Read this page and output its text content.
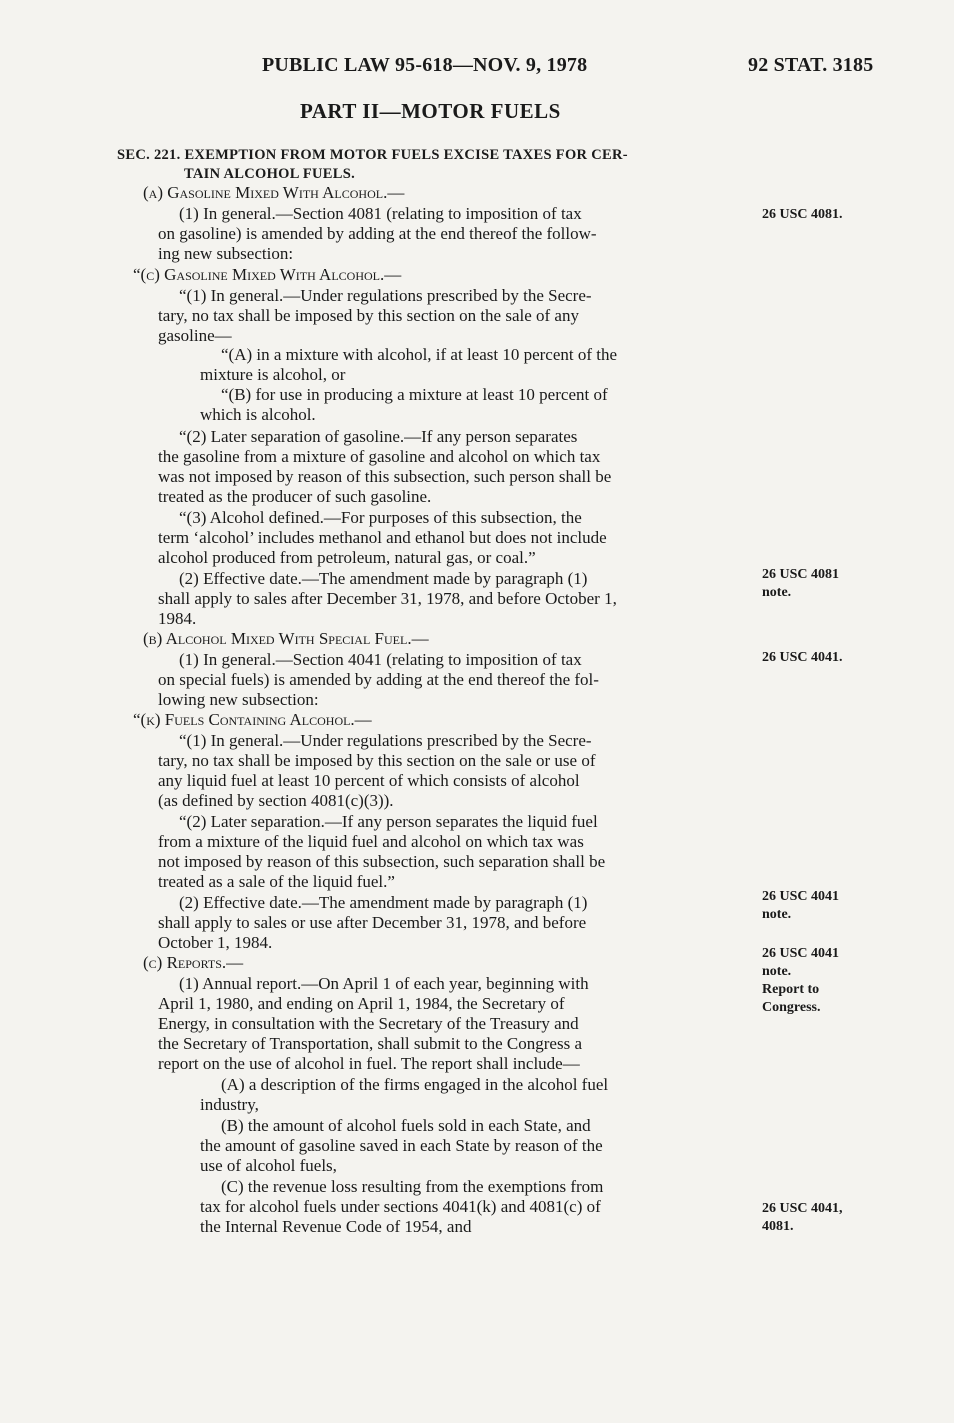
PUBLIC LAW 95-618—NOV. 9, 1978	92 STAT. 3185
PART II—MOTOR FUELS
SEC. 221. EXEMPTION FROM MOTOR FUELS EXCISE TAXES FOR CER-
TAIN ALCOHOL FUELS.
(a) Gasoline Mixed With Alcohol.—
(1) In general.—Section 4081 (relating to imposition of tax
on gasoline) is amended by adding at the end thereof the follow-
ing new subsection:
“(c) Gasoline Mixed With Alcohol.—
“(1) In general.—Under regulations prescribed by the Secre-
tary, no tax shall be imposed by this section on the sale of any
gasoline—
“(A) in a mixture with alcohol, if at least 10 percent of the
mixture is alcohol, or
“(B) for use in producing a mixture at least 10 percent of
which is alcohol.
“(2) Later separation of gasoline.—If any person separates
the gasoline from a mixture of gasoline and alcohol on which tax
was not imposed by reason of this subsection, such person shall be
treated as the producer of such gasoline.
“(3) Alcohol defined.—For purposes of this subsection, the
term ‘alcohol’ includes methanol and ethanol but does not include
alcohol produced from petroleum, natural gas, or coal.”
(2) Effective date.—The amendment made by paragraph (1)
shall apply to sales after December 31, 1978, and before October 1,
1984.
(b) Alcohol Mixed With Special Fuel.—
(1) In general.—Section 4041 (relating to imposition of tax
on special fuels) is amended by adding at the end thereof the fol-
lowing new subsection:
“(k) Fuels Containing Alcohol.—
“(1) In general.—Under regulations prescribed by the Secre-
tary, no tax shall be imposed by this section on the sale or use of
any liquid fuel at least 10 percent of which consists of alcohol
(as defined by section 4081(c)(3)).
“(2) Later separation.—If any person separates the liquid fuel
from a mixture of the liquid fuel and alcohol on which tax was
not imposed by reason of this subsection, such separation shall be
treated as a sale of the liquid fuel.”
(2) Effective date.—The amendment made by paragraph (1)
shall apply to sales or use after December 31, 1978, and before
October 1, 1984.
(c) Reports.—
(1) Annual report.—On April 1 of each year, beginning with
April 1, 1980, and ending on April 1, 1984, the Secretary of
Energy, in consultation with the Secretary of the Treasury and
the Secretary of Transportation, shall submit to the Congress a
report on the use of alcohol in fuel. The report shall include—
(A) a description of the firms engaged in the alcohol fuel
industry,
(B) the amount of alcohol fuels sold in each State, and
the amount of gasoline saved in each State by reason of the
use of alcohol fuels,
(C) the revenue loss resulting from the exemptions from
tax for alcohol fuels under sections 4041(k) and 4081(c) of
the Internal Revenue Code of 1954, and
26 USC 4081.
26 USC 4081
note.
26 USC 4041.
26 USC 4041
note.
26 USC 4041
note.
Report to
Congress.
26 USC 4041,
4081.
